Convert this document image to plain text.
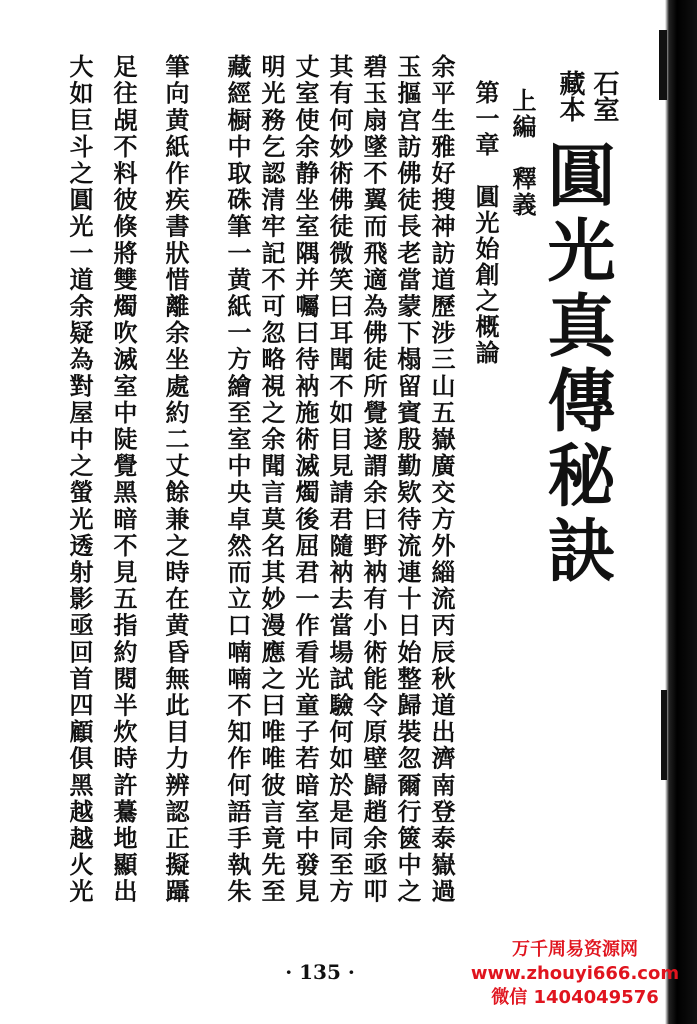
圓光真傳秘訣
石室
藏本
上編　釋義
第一章　圓光始創之概論
余平生雅好搜神訪道歷涉三山五嶽廣交方外緇流丙辰秋道出濟南登泰嶽過
玉摳宫訪佛徒長老當蒙下榻留賓殷勤欵待流連十日始整歸裝忽爾行篋中之
碧玉扇墜不翼而飛適為佛徒所覺遂謂余曰野衲有小術能令原壁歸趙余亟叩
其有何妙術佛徒微笑曰耳聞不如目見請君隨衲去當場試驗何如於是同至方
丈室使余静坐室隅并囑曰待衲施術滅燭後屈君一作看光童子若暗室中發見
明光務乞認清牢記不可忽略視之余聞言莫名其妙漫應之曰唯唯彼言竟先至
藏經橱中取硃筆一黄紙一方繪至室中央卓然而立口喃喃不知作何語手執朱
筆向黄紙作疾書狀惜離余坐處約二丈餘兼之時在黄昏無此目力辨認正擬躡
足往覘不料彼倏將雙燭吹滅室中陡覺黑暗不見五指約閱半炊時許驀地顯出
大如巨斗之圓光一道余疑為對屋中之螢光透射影亟回首四顧俱黑越越火光
· 135 ·
万千周易资源网
www.zhouyi666.com
微信 1404049576
